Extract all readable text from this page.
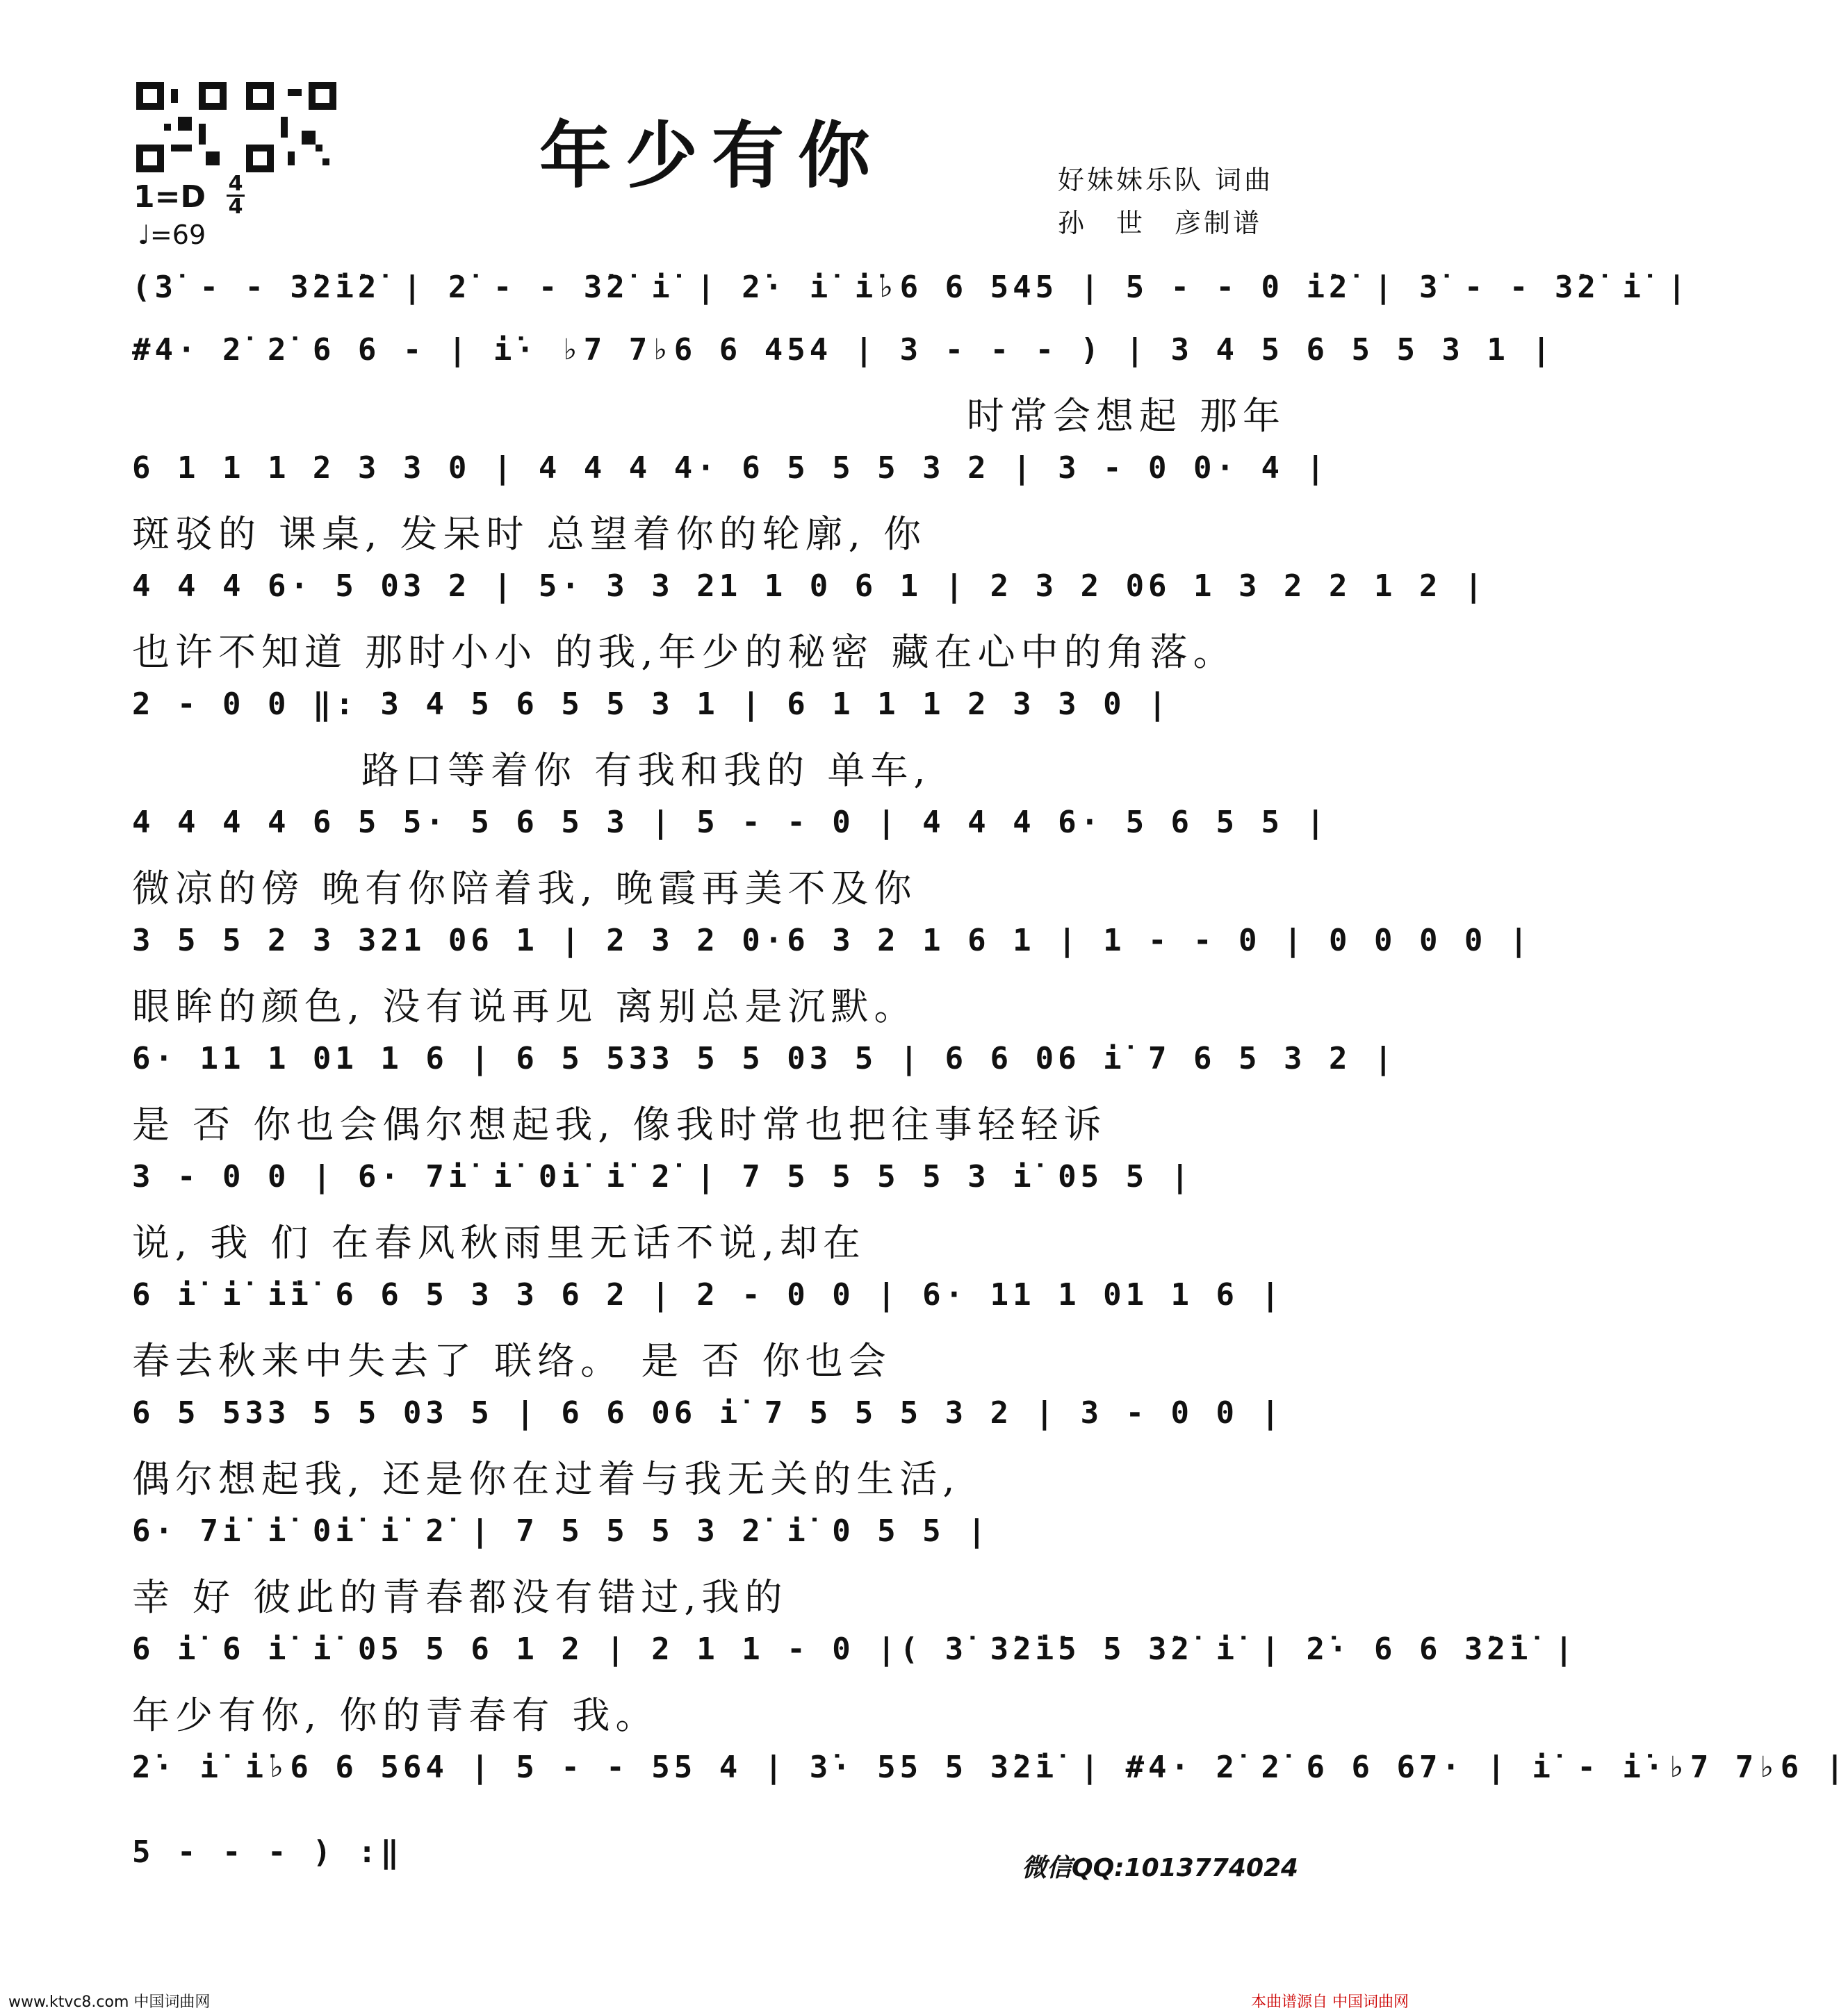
年少有你	好妹妹乐队 词曲
孙　世　彦制谱
1=D 4
4
♩=69
(3̇ - - 3̇2̇i̇2̇ | 2̇ - - 3̇2̇ i̇ | 2̇· i̇ i̇♭6 6 545 | 5 - - 0 i̇2̇ | 3̇ - - 3̇2̇ i̇ |
#4· 2̇ 2̇ 6 6 - | i̇· ♭7 7♭6 6 454 | 3 - - - ) | 3 4 5 6 5 5 3 1 |
时常会想起 那年
6 1 1 1 2 3 3 0 | 4 4 4 4· 6 5 5 5 3 2 | 3 - 0 0· 4 |
斑驳的 课桌, 发呆时 总望着你的轮廓, 你
4 4 4 6· 5 03 2 | 5· 3 3 21 1 0 6 1 | 2 3 2 06 1 3 2 2 1 2 |
也许不知道 那时小小 的我,年少的秘密 藏在心中的角落。
2 - 0 0 ‖: 3 4 5 6 5 5 3 1 | 6 1 1 1 2 3 3 0 |
路口等着你 有我和我的 单车,
4 4 4 4 6 5 5· 5 6 5 3 | 5 - - 0 | 4 4 4 6· 5 6 5 5 |
微凉的傍 晚有你陪着我, 晚霞再美不及你
3 5 5 2 3 321 06 1 | 2 3 2 0·6 3 2 1 6 1 | 1 - - 0 | 0 0 0 0 |
眼眸的颜色, 没有说再见 离别总是沉默。
6· 11 1 01 1 6 | 6 5 533 5 5 03 5 | 6 6 06 i̇ 7 6 5 3 2 |
是 否 你也会偶尔想起我, 像我时常也把往事轻轻诉
3 - 0 0 | 6· 7i̇ i̇ 0i̇ i̇ 2̇ | 7 5 5 5 5 3 i̇ 05 5 |
说, 我 们 在春风秋雨里无话不说,却在
6 i̇ i̇ i̇i̇ 6 6 5 3 3 6 2 | 2 - 0 0 | 6· 11 1 01 1 6 |
春去秋来中失去了 联络。 是 否 你也会
6 5 533 5 5 03 5 | 6 6 06 i̇ 7 5 5 5 3 2 | 3 - 0 0 |
偶尔想起我, 还是你在过着与我无关的生活,
6· 7i̇ i̇ 0i̇ i̇ 2̇ | 7 5 5 5 3 2̇ i̇ 0 5 5 |
幸 好 彼此的青春都没有错过,我的
6 i̇ 6 i̇ i̇ 05 5 6 1 2 | 2 1 1 - 0 |( 3̇ 3̇2̇i̇5 5 3̇2̇ i̇ | 2̇· 6 6 3̇2̇i̇ |
年少有你, 你的青春有 我。
2̇· i̇ i̇♭6 6 564 | 5 - - 55 4 | 3̇· 55 5 3̇2̇i̇ | #4· 2̇ 2̇ 6 6 67· | i̇ - i̇·♭7 7♭6 |
5 - - - ) :‖	微信QQ:1013774024
www.ktvc8.com 中国词曲网	本曲谱源自 中国词曲网
